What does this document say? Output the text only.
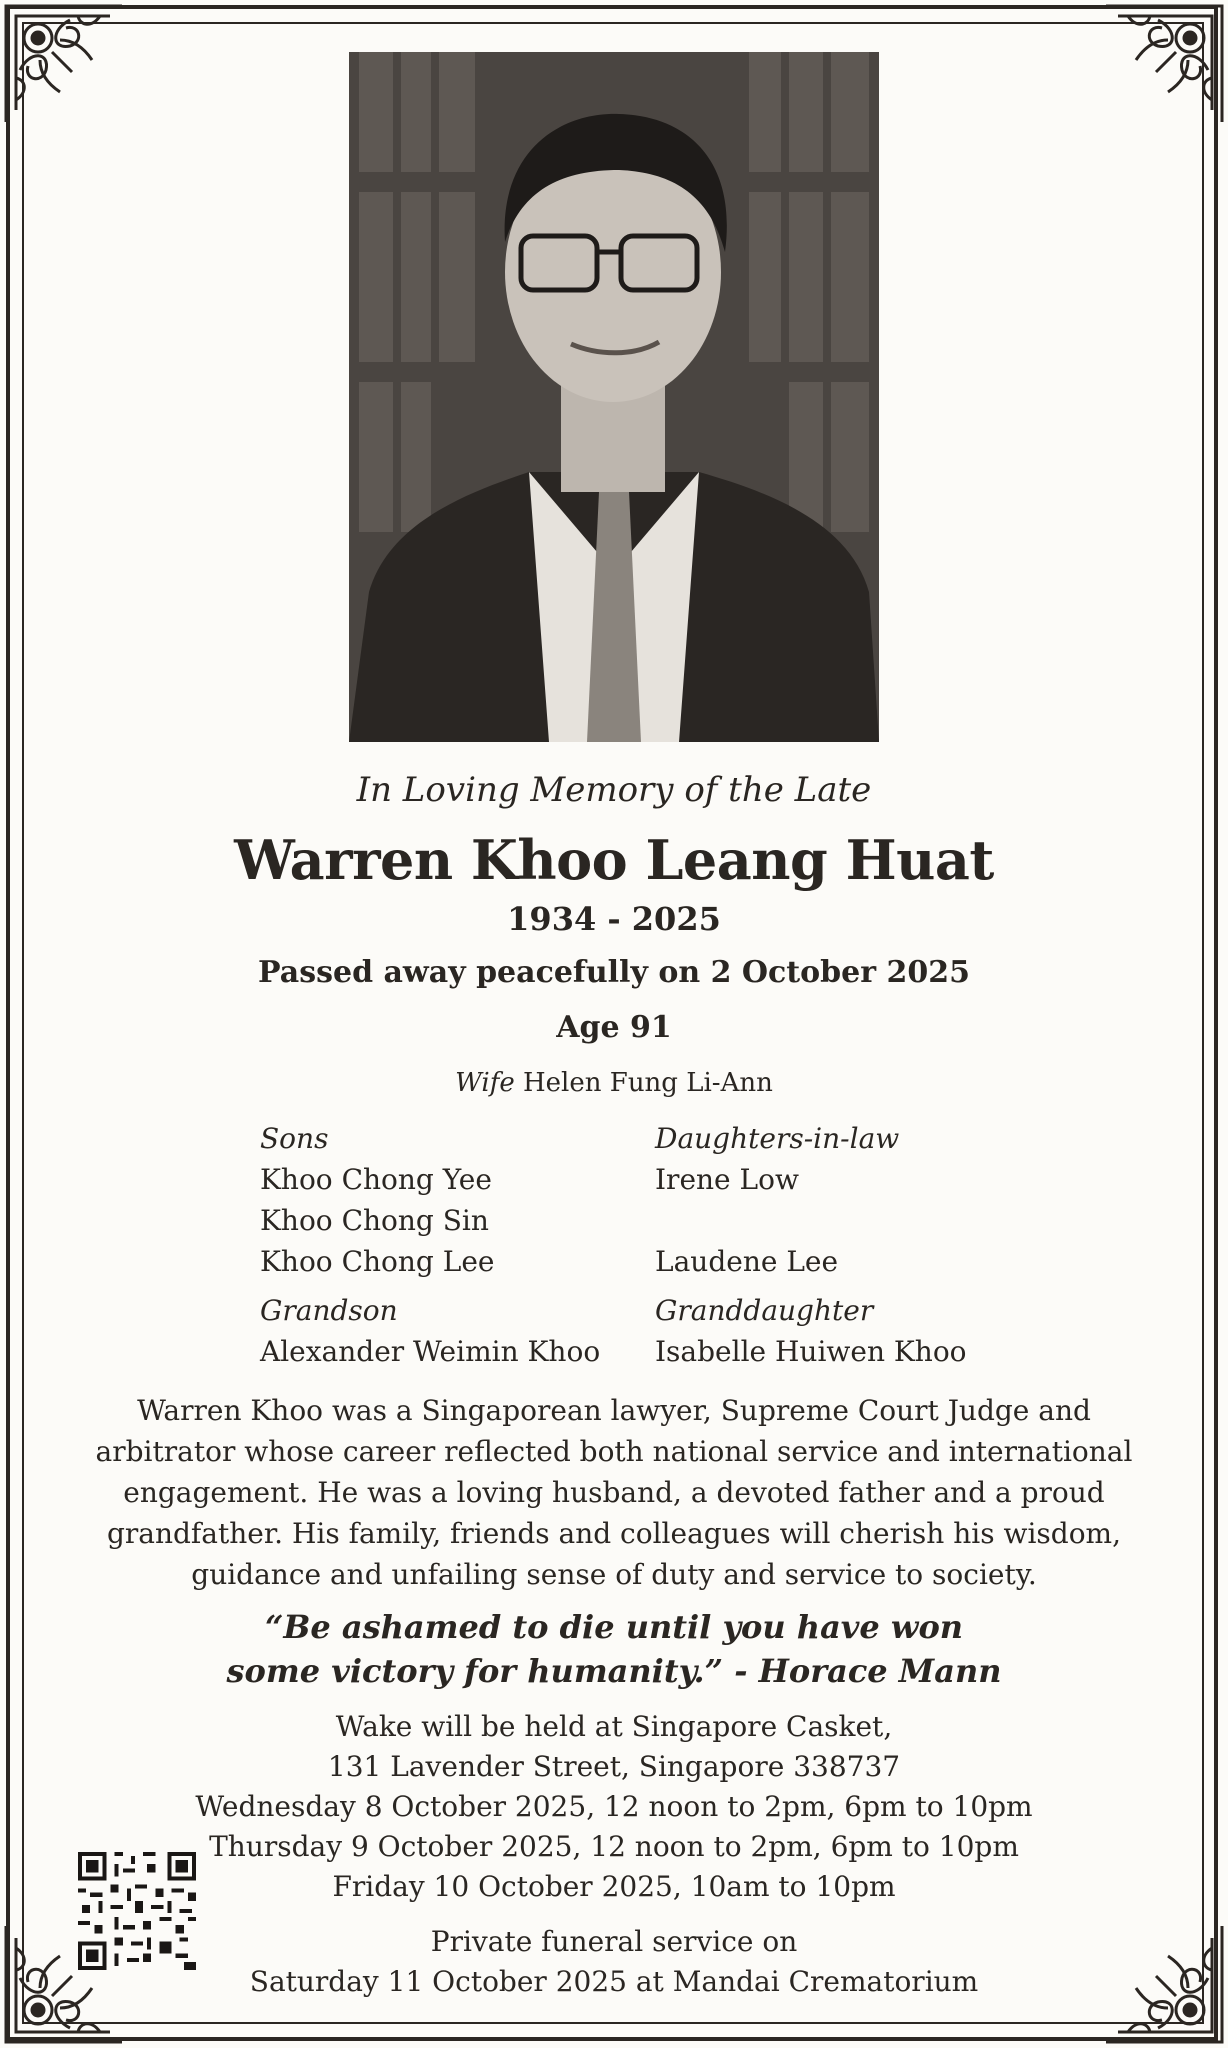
In Loving Memory of the Late
Warren Khoo Leang Huat
1934 - 2025
Passed away peacefully on 2 October 2025
Age 91
Wife Helen Fung Li-Ann
Sons
Khoo Chong Yee
Khoo Chong Sin
Khoo Chong Lee
Daughters-in-law
Irene Low

Laudene Lee
Grandson
Alexander Weimin Khoo
Granddaughter
Isabelle Huiwen Khoo
Warren Khoo was a Singaporean lawyer, Supreme Court Judge and
arbitrator whose career reflected both national service and international
engagement. He was a loving husband, a devoted father and a proud
grandfather. His family, friends and colleagues will cherish his wisdom,
guidance and unfailing sense of duty and service to society.
“Be ashamed to die until you have won
some victory for humanity.” - Horace Mann
Wake will be held at Singapore Casket,
131 Lavender Street, Singapore 338737
Wednesday 8 October 2025, 12 noon to 2pm, 6pm to 10pm
Thursday 9 October 2025, 12 noon to 2pm, 6pm to 10pm
Friday 10 October 2025, 10am to 10pm
Private funeral service on
Saturday 11 October 2025 at Mandai Crematorium
